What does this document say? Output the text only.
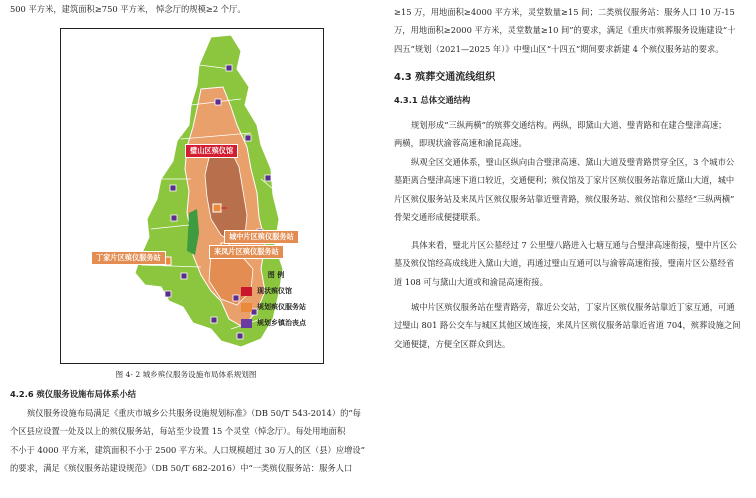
500 平方米，建筑面积≥750 平方米， 悼念厅的规模≥2 个厅。
璧山区殡仪馆
城中片区殡仪服务站
来凤片区殡仪服务站
丁家片区殡仪服务站
图 例
现状殡仪馆
规划殡仪服务站
规划乡镇治丧点
图 4- 2 城乡殡仪服务设施布局体系规划图
4.2.6 殡仪服务设施布局体系小结

殡仪服务设施布局满足《重庆市城乡公共服务设施规划标准》（DB 50/T 543-2014）的“每

个区县应设置一处及以上的殡仪服务站，每站至少设置 15 个灵堂（悼念厅）。每处用地面积

不小于 4000 平方米，建筑面积不小于 2500 平方米。人口规模超过 30 万人的区（县）应增设”

的要求，满足《殡仪服务站建设规范》（DB 50/T 682-2016）中“一类殡仪服务站：服务人口

≥15 万，用地面积≥4000 平方米，灵堂数量≥15 间；二类殡仪服务站：服务人口 10 万-15

万，用地面积≥2000 平方米，灵堂数量≥10 间”的要求，满足《重庆市殡葬服务设施建设“十

四五”规划（2021—2025 年）》中璧山区“十四五”期间要求新建 4 个殡仪服务站的要求。

4.3 殡葬交通流线组织
4.3.1 总体交通结构

规划形成“三纵两横”的殡葬交通结构。两纵，即黛山大道、璧青路和在建合璧津高速；

两横，即现状渝蓉高速和渝昆高速。

纵观全区交通体系，璧山区纵向由合璧津高速、黛山大道及璧青路贯穿全区，3 个城市公

墓距离合璧津高速下道口较近，交通便利；殡仪馆及丁家片区殡仪服务站靠近黛山大道，城中

片区殡仪服务站及来凤片区殡仪服务站靠近璧青路，殡仪服务站、殡仪馆和公墓经“三纵两横”

骨架交通形成便捷联系。

具体来看，璧北片区公墓经过 7 公里璧八路进入七塘互通与合璧津高速衔接，璧中片区公

墓及殡仪馆经高成线进入黛山大道，再通过璧山互通可以与渝蓉高速衔接，璧南片区公墓经省

道 108 可与黛山大道或和渝昆高速衔接。

城中片区殡仪服务站在璧青路旁，靠近公交站，丁家片区殡仪服务站靠近丁家互通，可通

过璧山 801 路公交车与城区其他区域连接，来凤片区殡仪服务站靠近省道 704，殡葬设施之间

交通便捷，方便全区群众到达。
